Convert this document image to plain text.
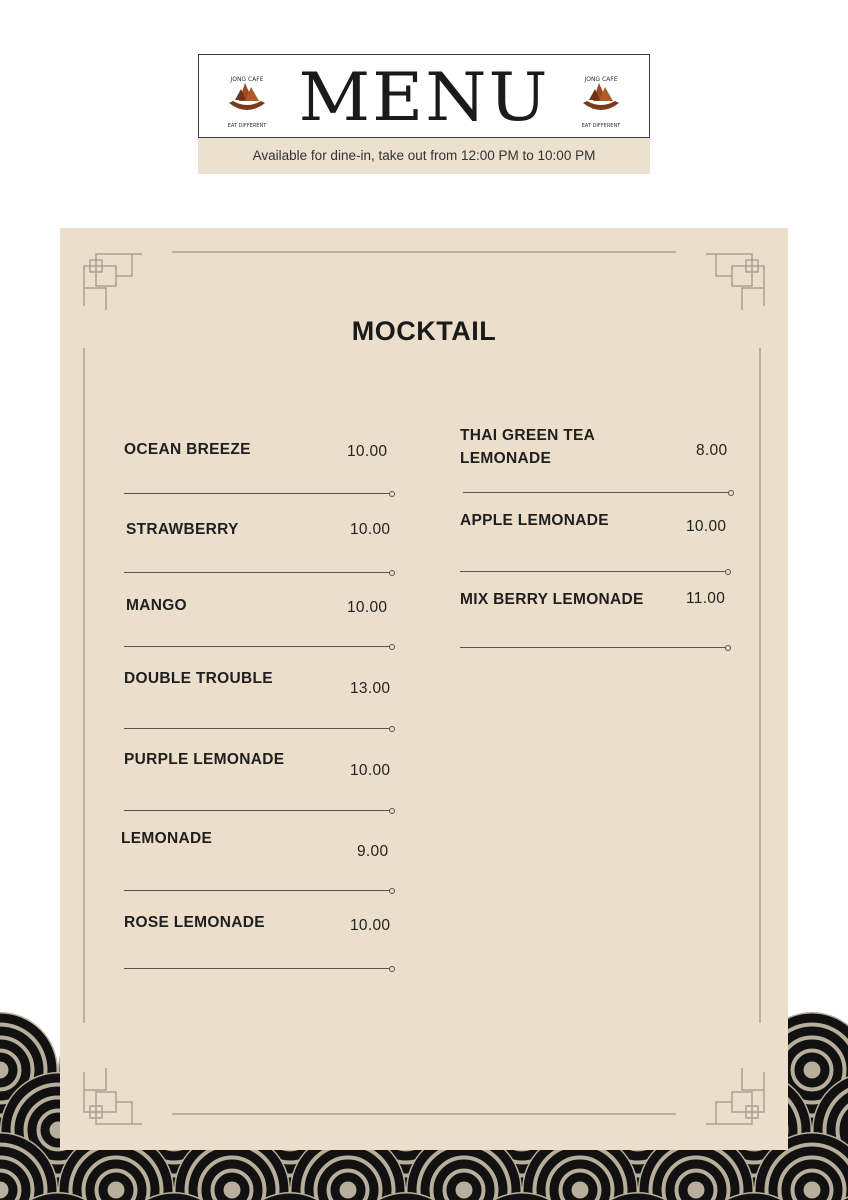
JONG CAFE
EAT DIFFERENT MENU	JONG CAFE
EAT DIFFERENT
Available for dine-in, take out from 12:00 PM to 10:00 PM
MOCKTAIL
OCEAN BREEZE	10.00
STRAWBERRY	10.00
MANGO	10.00
DOUBLE TROUBLE
13.00
PURPLE LEMONADE
10.00
LEMONADE
9.00
ROSE LEMONADE	10.00
THAI GREEN TEA
LEMONADE	8.00
APPLE LEMONADE	10.00
MIX BERRY LEMONADE	11.00
